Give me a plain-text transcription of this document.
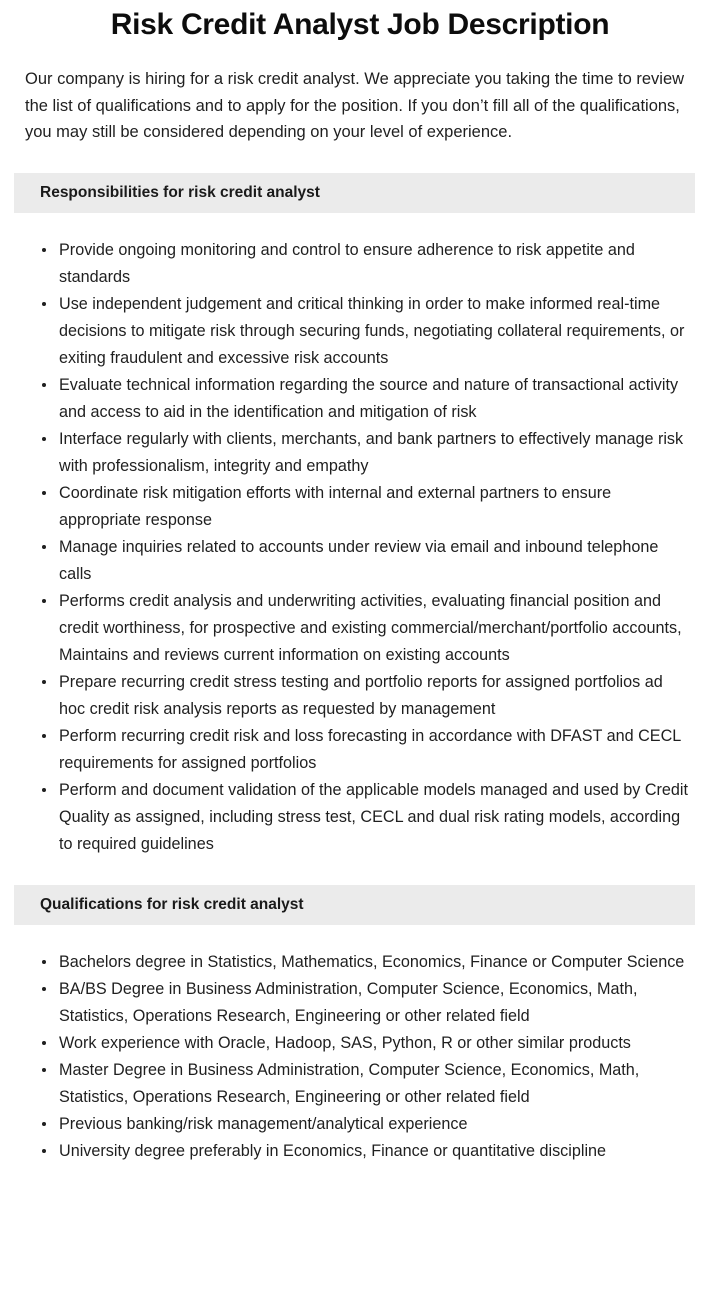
Risk Credit Analyst Job Description

Our company is hiring for a risk credit analyst. We appreciate you taking the time to review the list of qualifications and to apply for the position. If you don’t fill all of the qualifications, you may still be considered depending on your level of experience.

Responsibilities for risk credit analyst
Provide ongoing monitoring and control to ensure adherence to risk appetite and standards
Use independent judgement and critical thinking in order to make informed real-time decisions to mitigate risk through securing funds, negotiating collateral requirements, or exiting fraudulent and excessive risk accounts
Evaluate technical information regarding the source and nature of transactional activity and access to aid in the identification and mitigation of risk
Interface regularly with clients, merchants, and bank partners to effectively manage risk with professionalism, integrity and empathy
Coordinate risk mitigation efforts with internal and external partners to ensure appropriate response
Manage inquiries related to accounts under review via email and inbound telephone calls
Performs credit analysis and underwriting activities, evaluating financial position and credit worthiness, for prospective and existing commercial/merchant/portfolio accounts, Maintains and reviews current information on existing accounts
Prepare recurring credit stress testing and portfolio reports for assigned portfolios ad hoc credit risk analysis reports as requested by management
Perform recurring credit risk and loss forecasting in accordance with DFAST and CECL requirements for assigned portfolios
Perform and document validation of the applicable models managed and used by Credit Quality as assigned, including stress test, CECL and dual risk rating models, according to required guidelines
Qualifications for risk credit analyst
Bachelors degree in Statistics, Mathematics, Economics, Finance or Computer Science
BA/BS Degree in Business Administration, Computer Science, Economics, Math, Statistics, Operations Research, Engineering or other related field
Work experience with Oracle, Hadoop, SAS, Python, R or other similar products
Master Degree in Business Administration, Computer Science, Economics, Math, Statistics, Operations Research, Engineering or other related field
Previous banking/risk management/analytical experience
University degree preferably in Economics, Finance or quantitative discipline
